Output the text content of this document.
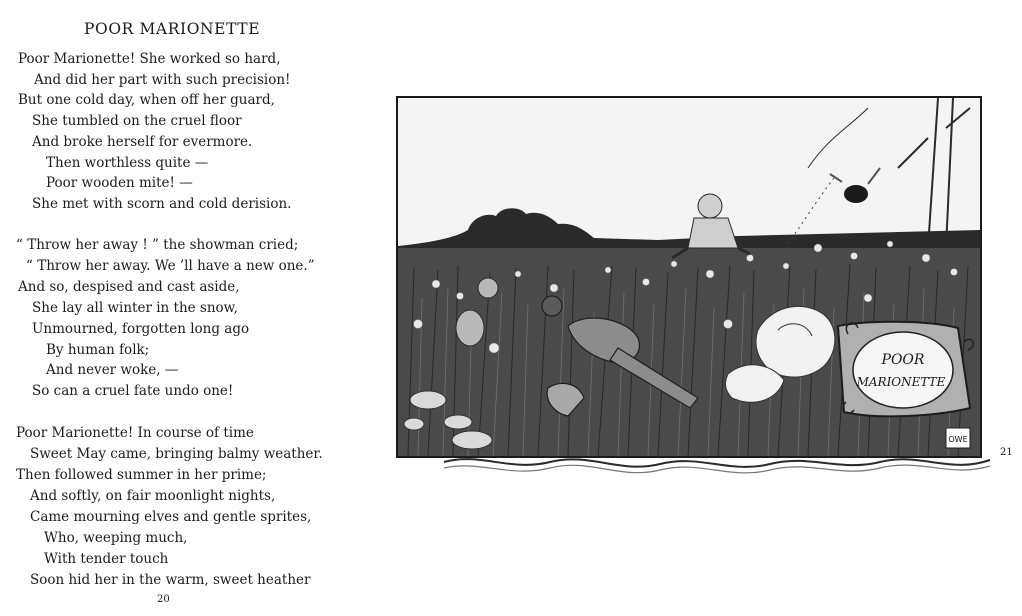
POOR MARIONETTE
Poor Marionette! She worked so hard,
And did her part with such precision!
But one cold day, when off her guard,
She tumbled on the cruel floor
And broke herself for evermore.
Then worthless quite —
Poor wooden mite! —
She met with scorn and cold derision.
“ Throw her away ! ” the showman cried;
“ Throw her away. We ’ll have a new one.”
And so, despised and cast aside,
She lay all winter in the snow,
Unmourned, forgotten long ago
By human folk;
And never woke, —
So can a cruel fate undo one!
Poor Marionette! In course of time
Sweet May came, bringing balmy weather.
Then followed summer in her prime;
And softly, on fair moonlight nights,
Came mourning elves and gentle sprites,
Who, weeping much,
With tender touch
Soon hid her in the warm, sweet heather
20
POOR
MARIONETTE
OWE
21
